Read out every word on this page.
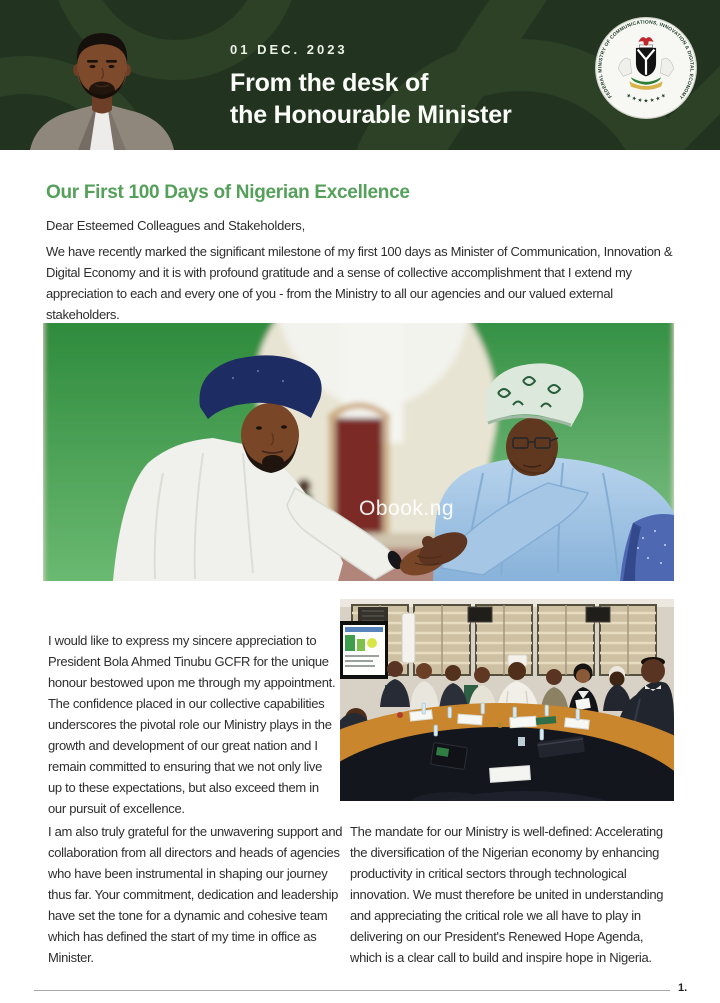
01 DEC. 2023
From the desk of
the Honourable Minister
FEDERAL MINISTRY OF COMMUNICATIONS, INNOVATION & DIGITAL ECONOMY
★ ★ ★ ★ ★ ★ ★
Our First 100 Days of Nigerian Excellence

Dear Esteemed Colleagues and Stakeholders,

We have recently marked the significant milestone of my first 100 days as Minister of Communication, Innovation & Digital Economy and it is with profound gratitude and a sense of collective accomplishment that I extend my appreciation to each and every one of you - from the Ministry to all our agencies and our valued external stakeholders.

Obook.ng

I would like to express my sincere appreciation to President Bola Ahmed Tinubu GCFR for the unique honour bestowed upon me through my appointment. The confidence placed in our collective capabilities underscores the pivotal role our Ministry plays in the growth and development of our great nation and I remain committed to ensuring that we not only live up to these expectations, but also exceed them in our pursuit of excellence.

I am also truly grateful for the unwavering support and collaboration from all directors and heads of agencies who have been instrumental in shaping our journey thus far. Your commitment, dedication and leadership have set the tone for a dynamic and cohesive team which has defined the start of my time in office as Minister.

The mandate for our Ministry is well-defined: Accelerating the diversification of the Nigerian economy by enhancing productivity in critical sectors through technological innovation. We must therefore be united in understanding and appreciating the critical role we all have to play in delivering on our President's Renewed Hope Agenda, which is a clear call to build and inspire hope in Nigeria.

1.
